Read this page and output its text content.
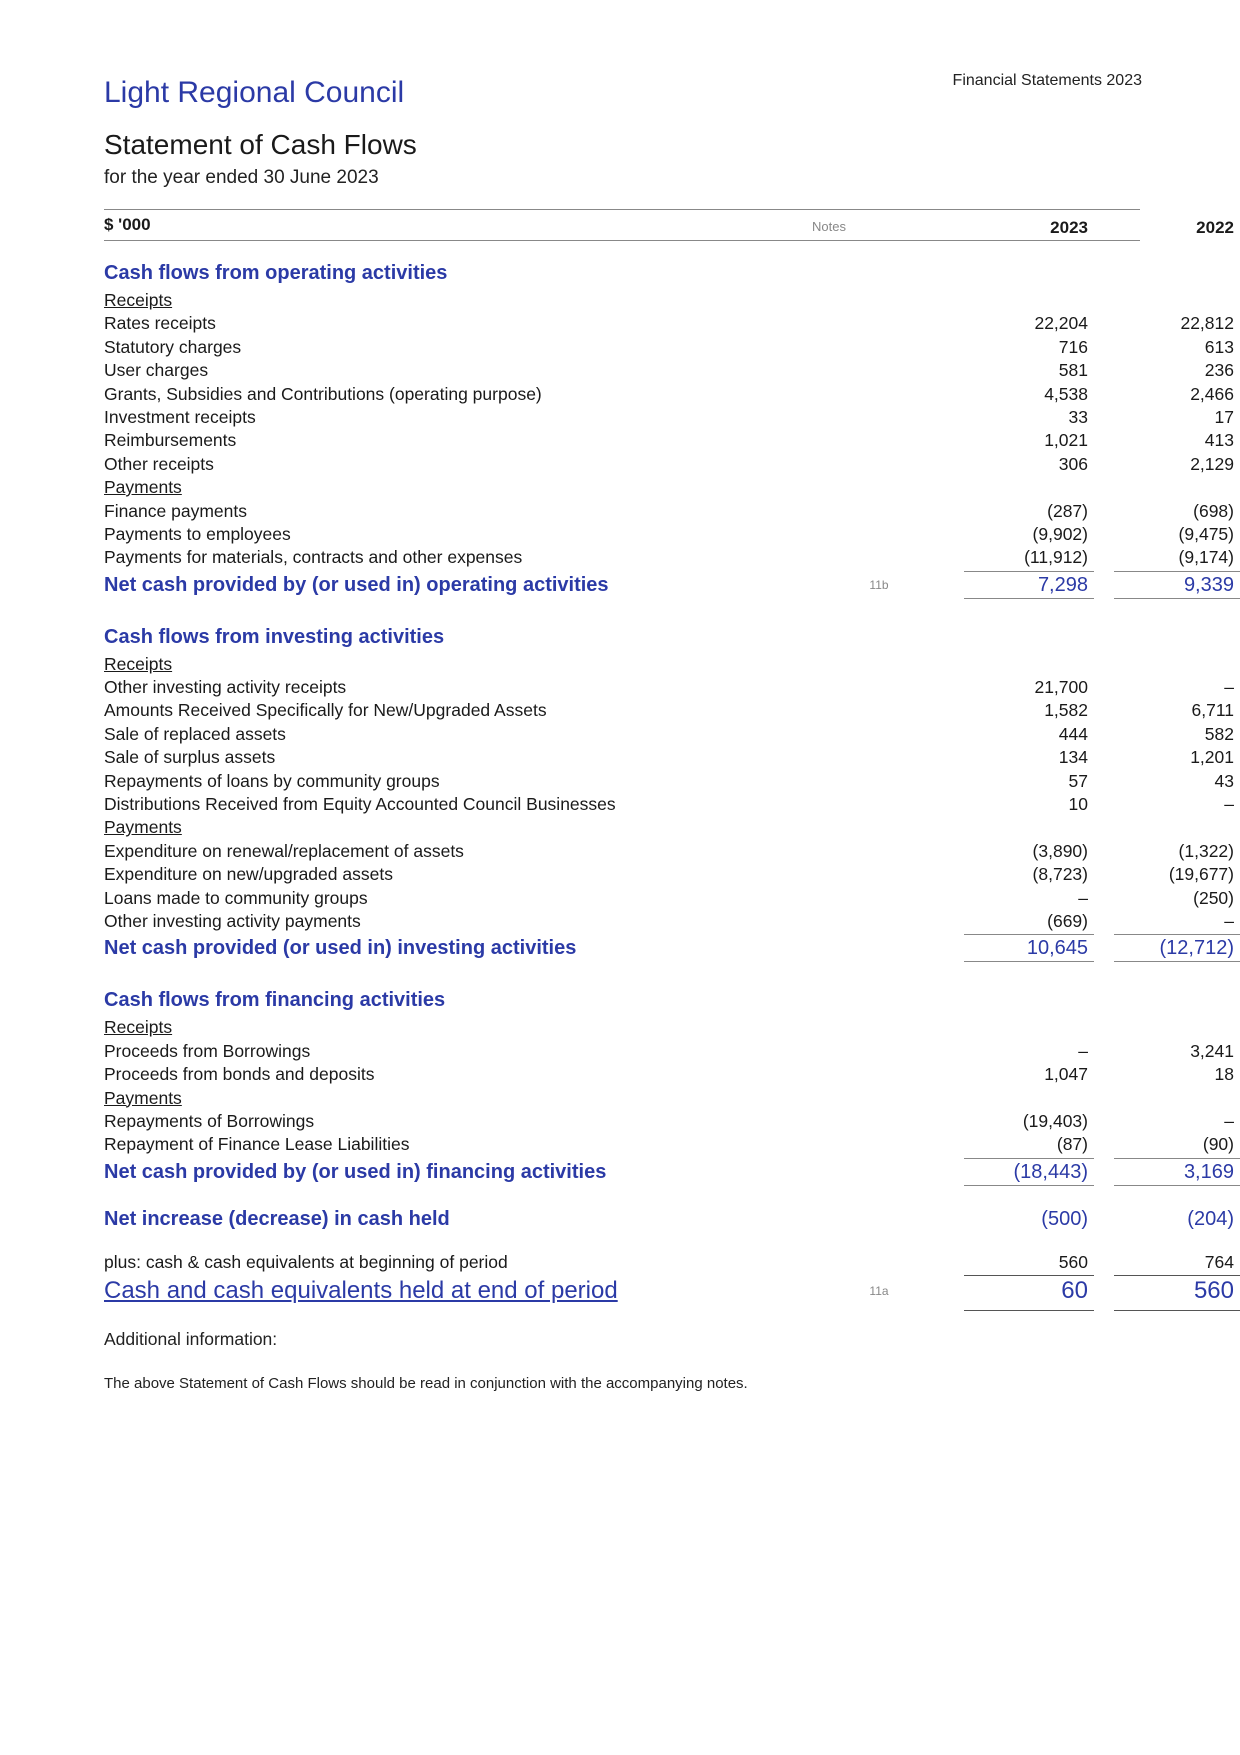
Light Regional Council	Financial Statements 2023
Statement of Cash Flows
for the year ended 30 June 2023
$ '000	Notes	2023	2022
Cash flows from operating activities
Receipts
Rates receipts	22,204	22,812
Statutory charges	716	613
User charges	581	236
Grants, Subsidies and Contributions (operating purpose)	4,538	2,466
Investment receipts	33	17
Reimbursements	1,021	413
Other receipts	306	2,129
Payments
Finance payments	(287)	(698)
Payments to employees	(9,902)	(9,475)
Payments for materials, contracts and other expenses	(11,912)	(9,174)
Net cash provided by (or used in) operating activities	11b	7,298	9,339
Cash flows from investing activities
Receipts
Other investing activity receipts	21,700	–
Amounts Received Specifically for New/Upgraded Assets	1,582	6,711
Sale of replaced assets	444	582
Sale of surplus assets	134	1,201
Repayments of loans by community groups	57	43
Distributions Received from Equity Accounted Council Businesses	10	–
Payments
Expenditure on renewal/replacement of assets	(3,890)	(1,322)
Expenditure on new/upgraded assets	(8,723)	(19,677)
Loans made to community groups	–	(250)
Other investing activity payments	(669)	–
Net cash provided (or used in) investing activities	10,645	(12,712)
Cash flows from financing activities
Receipts
Proceeds from Borrowings	–	3,241
Proceeds from bonds and deposits	1,047	18
Payments
Repayments of Borrowings	(19,403)	–
Repayment of Finance Lease Liabilities	(87)	(90)
Net cash provided by (or used in) financing activities	(18,443)	3,169
Net increase (decrease) in cash held	(500)	(204)
plus: cash & cash equivalents at beginning of period	560	764
Cash and cash equivalents held at end of period	11a	60	560
Additional information:
The above Statement of Cash Flows should be read in conjunction with the accompanying notes.
